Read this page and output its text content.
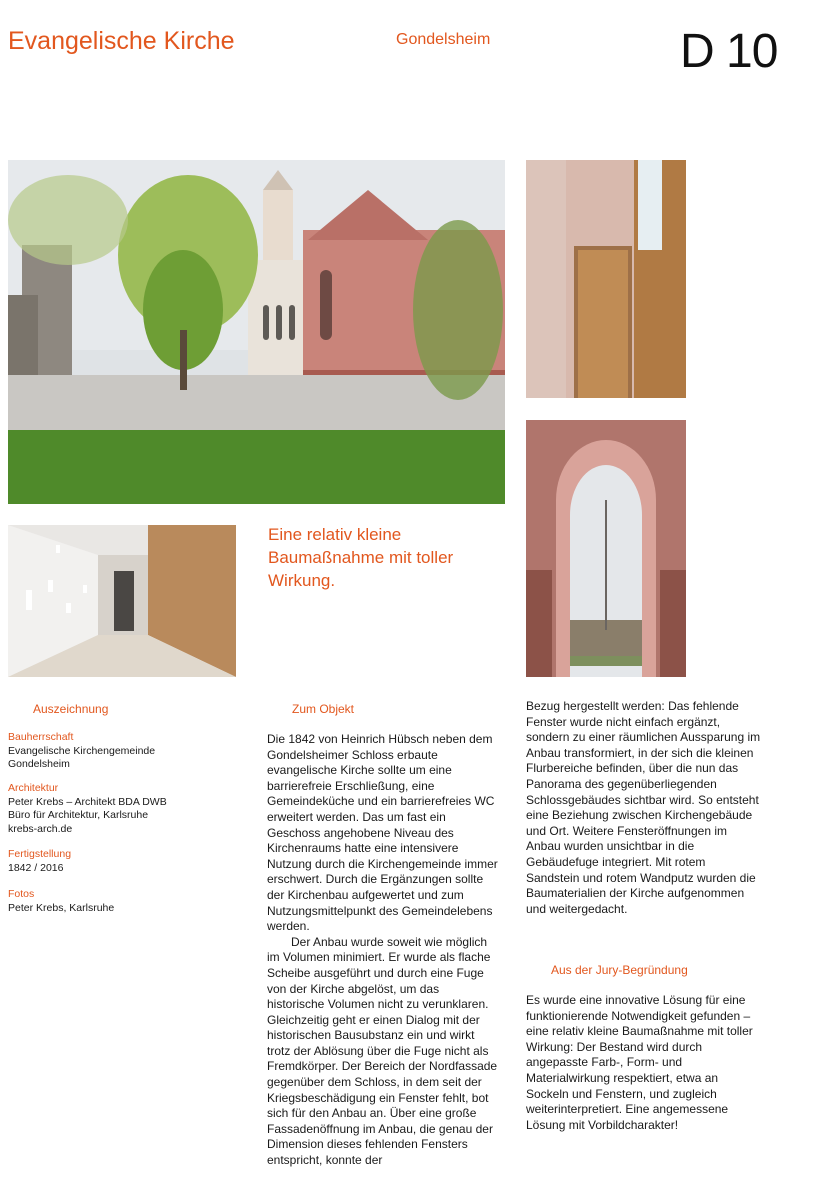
Evangelische Kirche	Gondelsheim	D 10
Eine relativ kleine Baumaßnahme mit toller Wirkung.
Auszeichnung
Bauherrschaft
Evangelische Kirchengemeinde
Gondelsheim
Architektur
Peter Krebs – Architekt BDA DWB
Büro für Architektur, Karlsruhe
krebs-arch.de
Fertigstellung
1842 / 2016
Fotos
Peter Krebs, Karlsruhe
Zum Objekt

Die 1842 von Heinrich Hübsch neben dem Gondelsheimer Schloss erbaute evangelische Kirche sollte um eine barrierefreie Erschließung, eine Gemeindeküche und ein barrierefreies WC erweitert werden. Das um fast ein Geschoss angehobene Niveau des Kirchenraums hatte eine intensivere Nutzung durch die Kirchengemeinde immer erschwert. Durch die Ergänzungen sollte der Kirchenbau aufgewertet und zum Nutzungsmittelpunkt des Gemeindelebens werden.

Der Anbau wurde soweit wie möglich im Volumen minimiert. Er wurde als flache Scheibe ausgeführt und durch eine Fuge von der Kirche abgelöst, um das historische Volumen nicht zu verunklaren. Gleichzeitig geht er einen Dialog mit der historischen Bausubstanz ein und wirkt trotz der Ablösung über die Fuge nicht als Fremdkörper. Der Bereich der Nordfassade gegenüber dem Schloss, in dem seit der Kriegsbeschädigung ein Fenster fehlt, bot sich für den Anbau an. Über eine große Fassadenöffnung im Anbau, die genau der Dimension dieses fehlenden Fensters entspricht, konnte der

Bezug hergestellt werden: Das fehlende Fenster wurde nicht einfach ergänzt, sondern zu einer räumlichen Aussparung im Anbau transformiert, in der sich die kleinen Flurbereiche befinden, über die nun das Panorama des gegenüberliegenden Schlossgebäudes sichtbar wird. So entsteht eine Beziehung zwischen Kirchengebäude und Ort. Weitere Fensteröffnungen im Anbau wurden unsichtbar in die Gebäudefuge integriert. Mit rotem Sandstein und rotem Wandputz wurden die Baumaterialien der Kirche aufgenommen und weitergedacht.

Aus der Jury-Begründung

Es wurde eine innovative Lösung für eine funktionierende Notwendigkeit gefunden – eine relativ kleine Baumaßnahme mit toller Wirkung: Der Bestand wird durch angepasste Farb-, Form- und Materialwirkung respektiert, etwa an Sockeln und Fenstern, und zugleich weiterinterpretiert. Eine angemessene Lösung mit Vorbildcharakter!
